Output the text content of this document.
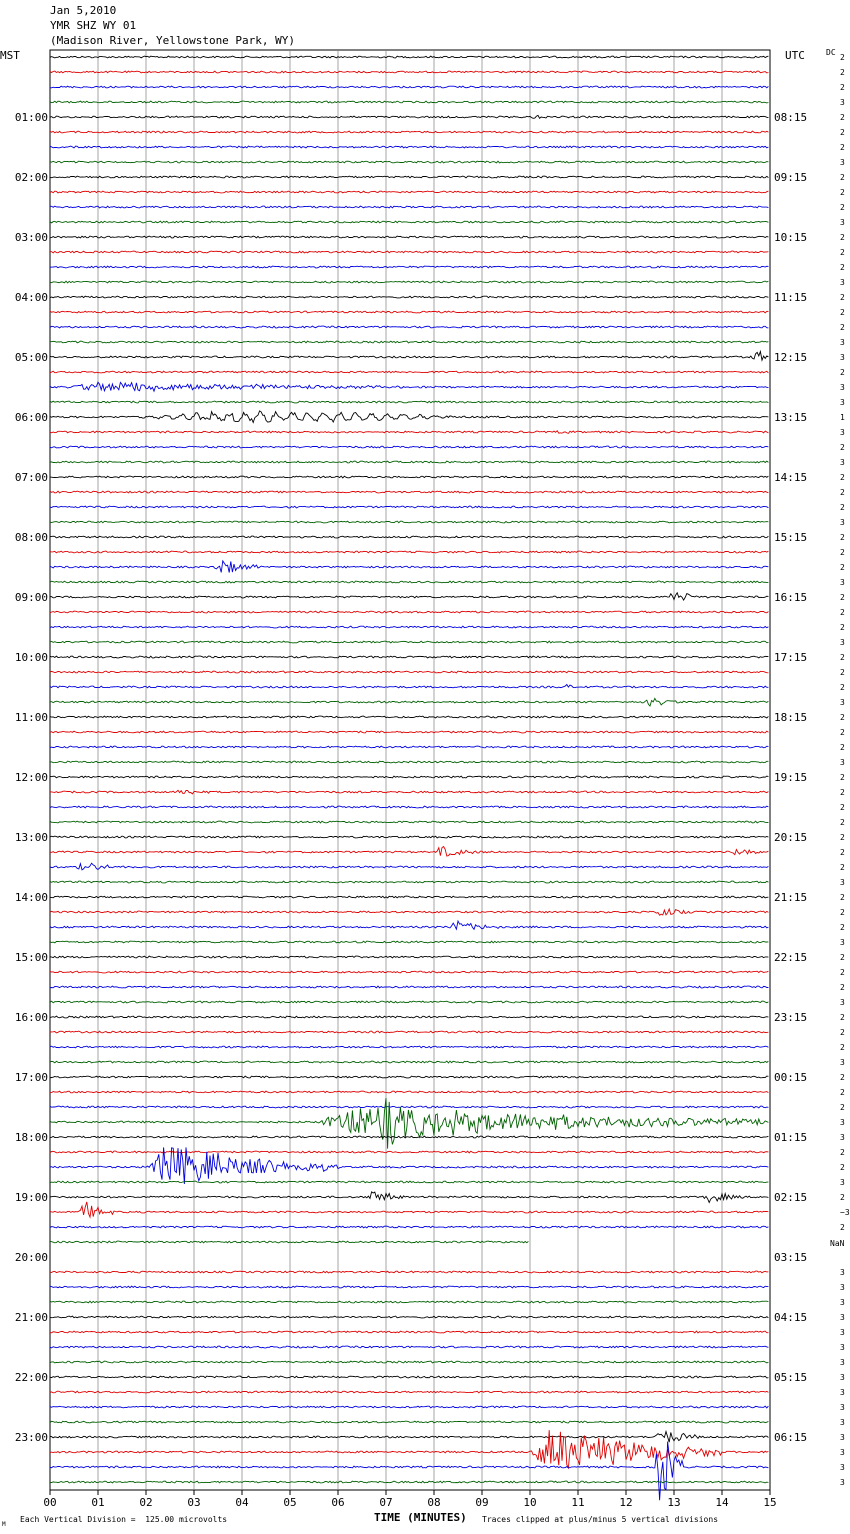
Jan 5,2010
YMR SHZ WY 01
(Madison River, Yellowstone Park, WY)
MST	UTC	DC
NaN
00	01	02	03	04	05	06	07	08	09	10	11	12	13	14	15
01:00
02:00
03:00
04:00
05:00
06:00
07:00
08:00
09:00
10:00
11:00
12:00
13:00
14:00
15:00
16:00
17:00
18:00
19:00
20:00
21:00
22:00
23:00
08:15
09:15
10:15
11:15
12:15
13:15
14:15
15:15
16:15
17:15
18:15
19:15
20:15
21:15
22:15
23:15
00:15
01:15
02:15
03:15
04:15
05:15
06:15
2
2
2
3
2
2
2
3
2
2
2
3
2
2
2
3
2
2
2
3
3
2
3
3
1
3
2
3
2
2
2
3
2
2
2
3
2
2
2
3
2
2
2
3
2
2
2
3
2
2
2
2
2
2
2
3
2
2
2
3
2
2
2
3
2
2
2
3
2
2
2
3
3
2
2
3
2
−3
2
3
3
3
3
3
3
3
3
3
3
3
3
3
3
3
TIME (MINUTES)
Each Vertical Division =  125.00 microvolts	Traces clipped at plus/minus 5 vertical divisions
M
